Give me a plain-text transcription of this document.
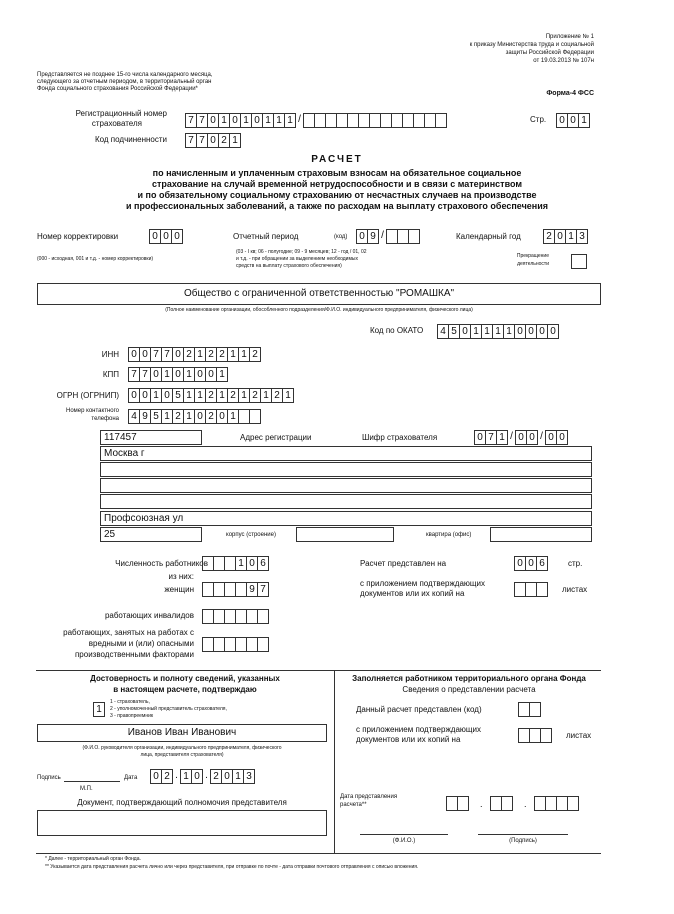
Приложение № 1
к приказу Министерства труда и социальной
защиты Российской Федерации
от 19.03.2013 № 107н
Представляется не позднее 15-го числа календарного месяца,
следующего за отчетным периодом, в территориальный орган
Фонда социального страхования Российской Федерации*
Форма-4 ФСС
Регистрационный номер
страхователя	7 7 0 1 0 1 0 1 1 1 /	Стр.	0 0 1
Код подчиненности	7 7 0 2 1
РАСЧЕТ
по начисленным и уплаченным страховым взносам на обязательное социальное
страхование на случай временной нетрудоспособности и в связи с материнством
и по обязательному социальному страхованию от несчастных случаев на производстве
и профессиональных заболеваний, а также по расходам на выплату страхового обеспечения
Номер корректировки	0 0 0
(000 - исходная, 001 и т.д. - номер корректировки)
Отчетный период	(код)	0 9 /
(03 - I кв; 06 - полугодие; 09 - 9 месяцев; 12 - год / 01, 02
и т.д. - при обращении за выделением необходимых
средств на выплату страхового обеспечения)
Календарный год	2 0 1 3
Прекращение
деятельности
Общество с ограниченной ответственностью "РОМАШКА"
(Полное наименование организации, обособленного подразделения/Ф.И.О. индивидуального предпринимателя, физического лица)
Код по ОКАТО	4 5 0 1 1 1 1 0 0 0 0
ИНН	0 0 7 7 0 2 1 2 2 1 1 2
КПП	7 7 0 1 0 1 0 0 1
ОГРН (ОГРНИП)	0 0 1 0 5 1 1 2 1 2 1 2 1 2 1
Номер контактного
телефона	4 9 5 1 2 1 0 2 0 1
117457	Адрес регистрации	Шифр страхователя	0 7 1 / 0 0 / 0 0
Москва г
Профсоюзная ул
25	корпус (строение)	квартира (офис)
Численность работников	1 0 6
из них:
женщин	9 7
работающих инвалидов
работающих, занятых на работах с
вредными и (или) опасными
производственными факторами
Расчет представлен на	0 0 6	стр.
с приложением подтверждающих
документов или их копий на	листах
Достоверность и полноту сведений, указанных
в настоящем расчете, подтверждаю
1
1 - страхователь,
2 - уполномоченный представитель страхователя,
3 - правопреемник
Иванов Иван Иванович
(Ф.И.О. руководителя организации, индивидуального предпринимателя, физического
лица, представителя страхователя)
Подпись	Дата	0 2 . 1 0 . 2 0 1 3
М.П.
Документ, подтверждающий полномочия представителя
Заполняется работником территориального органа Фонда
Сведения о представлении расчета
Данный расчет представлен (код)
с приложением подтверждающих
документов или их копий на	листах
Дата представления
расчета**	.	.
(Ф.И.О.)	(Подпись)
* Далее - территориальный орган Фонда.
** Указывается дата представления расчета лично или через представителя, при отправке по почте - дата отправки почтового отправления с описью вложения.
